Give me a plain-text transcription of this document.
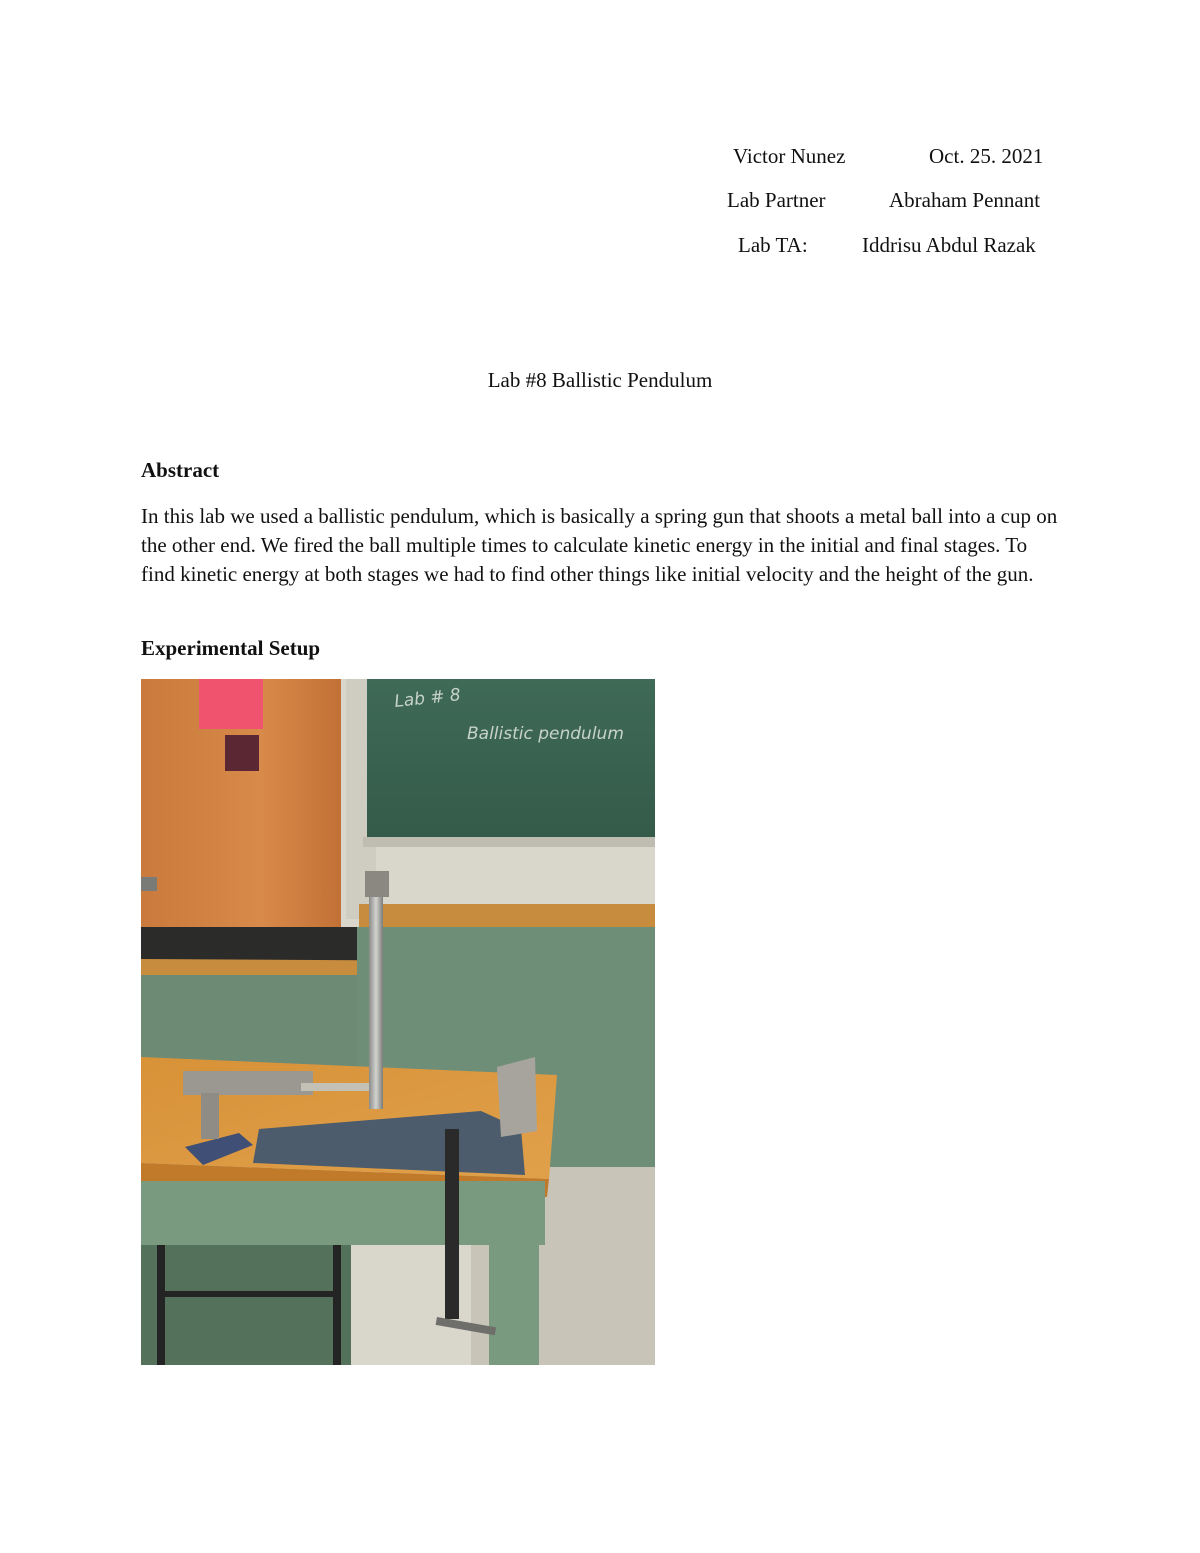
Victor Nunez	Oct. 25. 2021
Lab Partner	Abraham Pennant
Lab TA:	Iddrisu Abdul Razak
Lab #8 Ballistic Pendulum
Abstract
In this lab we used a ballistic pendulum, which is basically a spring gun that shoots a metal ball into a cup on the other end. We fired the ball multiple times to calculate kinetic energy in the initial and final stages. To find kinetic energy at both stages we had to find other things like initial velocity and the height of the gun.
Experimental Setup
Lab # 8
Ballistic pendulum
